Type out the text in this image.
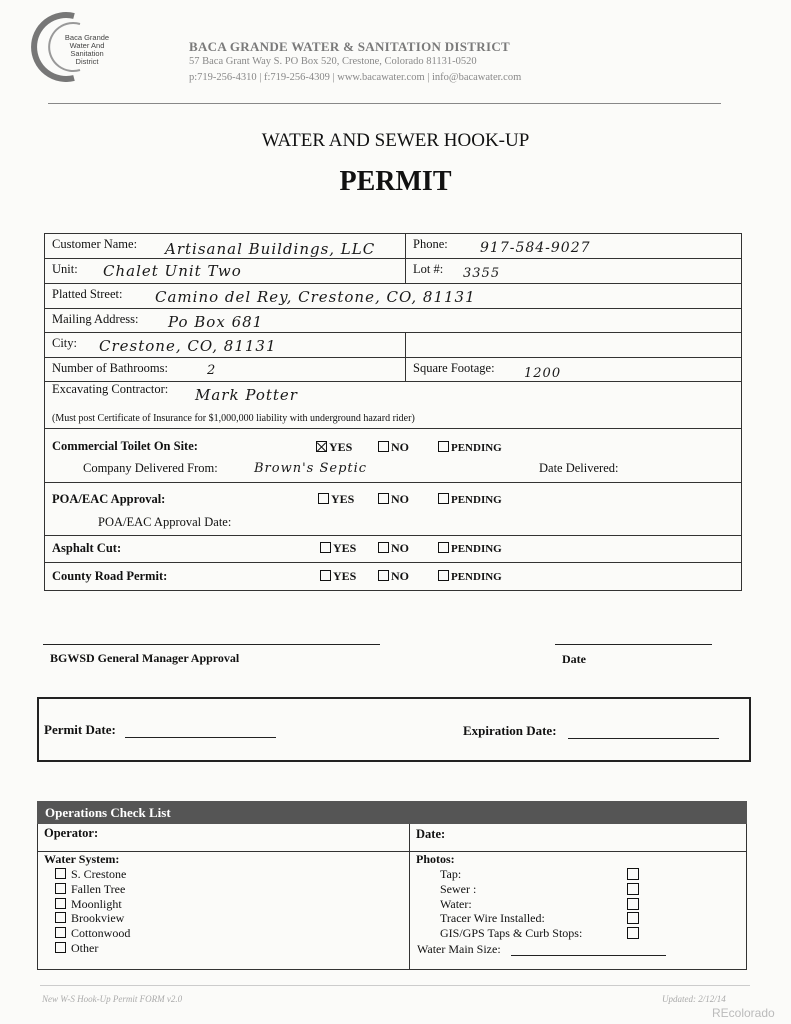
Baca Grande
Water And Sanitation
District
BACA GRANDE WATER & SANITATION DISTRICT
57 Baca Grant Way S. PO Box 520, Crestone, Colorado 81131-0520
p:719-256-4310 | f:719-256-4309 | www.bacawater.com | info@bacawater.com
WATER AND SEWER HOOK-UP
PERMIT
Customer Name: Artisanal Buildings, LLC	Phone: 917-584-9027
Unit: Chalet Unit Two	Lot #: 3355
Platted Street: Camino del Rey, Crestone, CO, 81131
Mailing Address: Po Box 681
City: Crestone, CO, 81131
Number of Bathrooms:	2	Square Footage: 1200
Excavating Contractor: Mark Potter
(Must post Certificate of Insurance for $1,000,000 liability with underground hazard rider)
Commercial Toilet On Site:	YES	NO	PENDING
Company Delivered From:	Brown's Septic	Date Delivered:
POA/EAC Approval:	YES	NO	PENDING
POA/EAC Approval Date:
Asphalt Cut:	YES	NO	PENDING
County Road Permit:	YES	NO	PENDING
BGWSD General Manager Approval	Date
Permit Date:	Expiration Date:
Operations Check List
Operator:	Date:
Water System:
S. Crestone
Fallen Tree
Moonlight
Brookview
Cottonwood
Other
Photos:
Tap:
Sewer :
Water:
Tracer Wire Installed:
GIS/GPS Taps & Curb Stops:
Water Main Size:
New W-S Hook-Up Permit FORM v2.0	Updated: 2/12/14
REcolorado
